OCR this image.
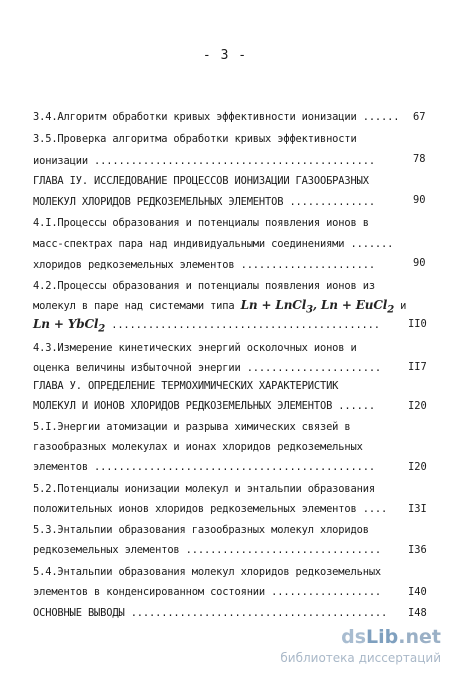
- 3 -
3.4.Алгоритм обработки кривых эффективности ионизации ...... 67
3.5.Проверка алгоритма обработки кривых эффективности
ионизации ..............................................	78
ГЛАВА IУ. ИССЛЕДОВАНИЕ ПРОЦЕССОВ ИОНИЗАЦИИ ГАЗООБРАЗНЫХ
МОЛЕКУЛ ХЛОРИДОВ РЕДКОЗЕМЕЛЬНЫХ ЭЛЕМЕНТОВ ..............	90
4.I.Процессы образования и потенциалы появления ионов в
масс-спектрах пара над индивидуальными соединениями .......
хлоридов редкоземельных элементов ......................	90
4.2.Процессы образования и потенциалы появления ионов из
молекул в паре над системами типа Ln + LnCl$_3$, Ln + EuCl$_2$ и
Ln + YbCl$_2$ ............................................	II0
4.3.Измерение кинетических энергий осколочных ионов и
оценка величины избыточной энергии ......................	II7
ГЛАВА У. ОПРЕДЕЛЕНИЕ ТЕРМОХИМИЧЕСКИХ ХАРАКТЕРИСТИК
МОЛЕКУЛ И ИОНОВ ХЛОРИДОВ РЕДКОЗЕМЕЛЬНЫХ ЭЛЕМЕНТОВ ......	I20
5.I.Энергии атомизации и разрыва химических связей в
газообразных молекулах и ионах хлоридов редкоземельных
элементов ..............................................	I20
5.2.Потенциалы ионизации молекул и энтальпии образования
положительных ионов хлоридов редкоземельных элементов .... I3I
5.3.Энтальпии образования газообразных молекул хлоридов
редкоземельных элементов ................................	I36
5.4.Энтальпии образования молекул хлоридов редкоземельных
элементов в конденсированном состоянии ..................	I40
ОСНОВНЫЕ ВЫВОДЫ .......................................... I48
dsLib.net
библиотека диссертаций
